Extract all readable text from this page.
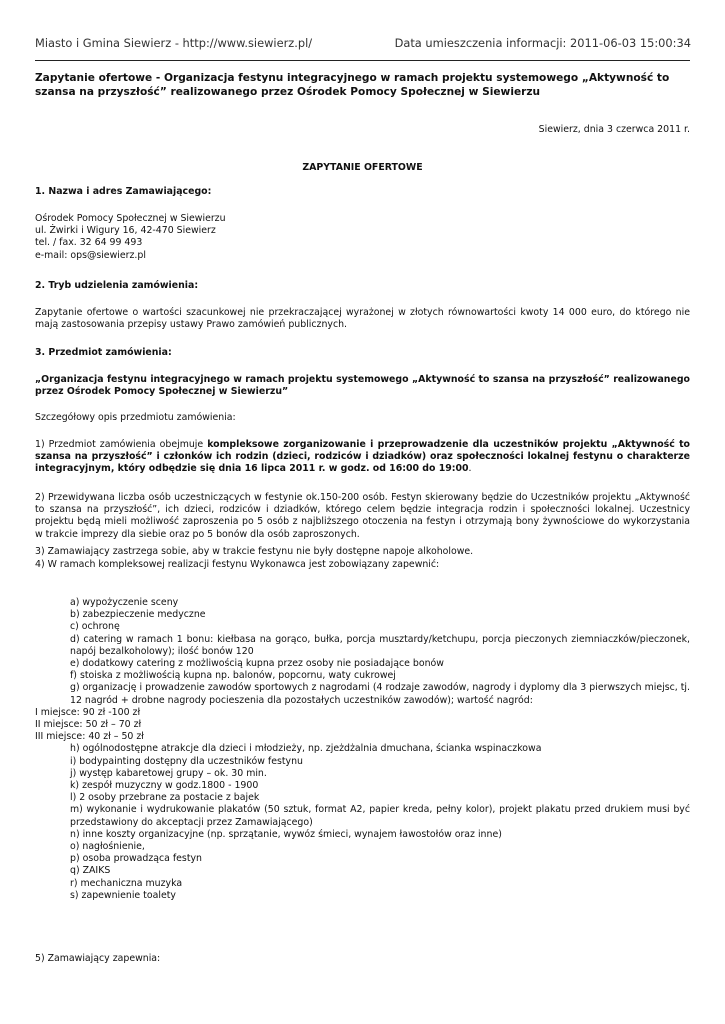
Miasto i Gmina Siewierz - http://www.siewierz.pl/	Data umieszczenia informacji: 2011-06-03 15:00:34
Zapytanie ofertowe - Organizacja festynu integracyjnego w ramach projektu systemowego „Aktywność to szansa na przyszłość” realizowanego przez Ośrodek Pomocy Społecznej w Siewierzu
Siewierz, dnia 3 czerwca 2011 r.
ZAPYTANIE OFERTOWE
1. Nazwa i adres Zamawiającego:

Ośrodek Pomocy Społecznej w Siewierzu

ul. Żwirki i Wigury 16, 42-470 Siewierz

tel. / fax. 32 64 99 493

e-mail: ops@siewierz.pl

2. Tryb udzielenia zamówienia:
Zapytanie ofertowe o wartości szacunkowej nie przekraczającej wyrażonej w złotych równowartości kwoty 14 000 euro, do którego nie mają zastosowania przepisy ustawy Prawo zamówień publicznych.
3. Przedmiot zamówienia:
„Organizacja festynu integracyjnego w ramach projektu systemowego „Aktywność to szansa na przyszłość” realizowanego przez Ośrodek Pomocy Społecznej w Siewierzu”
Szczegółowy opis przedmiotu zamówienia:
1) Przedmiot zamówienia obejmuje kompleksowe zorganizowanie i przeprowadzenie dla uczestników projektu „Aktywność to szansa na przyszłość” i członków ich rodzin (dzieci, rodziców i dziadków) oraz społeczności lokalnej festynu o charakterze integracyjnym, który odbędzie się dnia 16 lipca 2011 r. w godz. od 16:00 do 19:00.
2) Przewidywana liczba osób uczestniczących w festynie ok.150-200 osób. Festyn skierowany będzie do Uczestników projektu „Aktywność to szansa na przyszłość”, ich dzieci, rodziców i dziadków, którego celem będzie integracja rodzin i społeczności lokalnej. Uczestnicy projektu będą mieli możliwość zaproszenia po 5 osób z najbliższego otoczenia na festyn i otrzymają bony żywnościowe do wykorzystania w trakcie imprezy dla siebie oraz po 5 bonów dla osób zaproszonych.
3) Zamawiający zastrzega sobie, aby w trakcie festynu nie były dostępne napoje alkoholowe.
4) W ramach kompleksowej realizacji festynu Wykonawca jest zobowiązany zapewnić:

a) wypożyczenie sceny

b) zabezpieczenie medyczne

c) ochronę

d) catering w ramach 1 bonu: kiełbasa na gorąco, bułka, porcja musztardy/ketchupu, porcja pieczonych ziemniaczków/pieczonek, napój bezalkoholowy); ilość bonów 120

e) dodatkowy catering z możliwością kupna przez osoby nie posiadające bonów

f) stoiska z możliwością kupna np. balonów, popcornu, waty cukrowej

g) organizację i prowadzenie zawodów sportowych z nagrodami (4 rodzaje zawodów, nagrody i dyplomy dla 3 pierwszych miejsc, tj. 12 nagród + drobne nagrody pocieszenia dla pozostałych uczestników zawodów); wartość nagród:

I miejsce: 90 zł -100 zł

II miejsce: 50 zł – 70 zł

III miejsce: 40 zł – 50 zł

h) ogólnodostępne atrakcje dla dzieci i młodzieży, np. zjeżdżalnia dmuchana, ścianka wspinaczkowa

i) bodypainting dostępny dla uczestników festynu

j) występ kabaretowej grupy – ok. 30 min.

k) zespół muzyczny w godz.1800 - 1900

l) 2 osoby przebrane za postacie z bajek

m) wykonanie i wydrukowanie plakatów (50 sztuk, format A2, papier kreda, pełny kolor), projekt plakatu przed drukiem musi być przedstawiony do akceptacji przez Zamawiającego)

n) inne koszty organizacyjne (np. sprzątanie, wywóz śmieci, wynajem ławostołów oraz inne)

o) nagłośnienie,

p) osoba prowadząca festyn

q) ZAIKS

r) mechaniczna muzyka

s) zapewnienie toalety

5) Zamawiający zapewnia:
